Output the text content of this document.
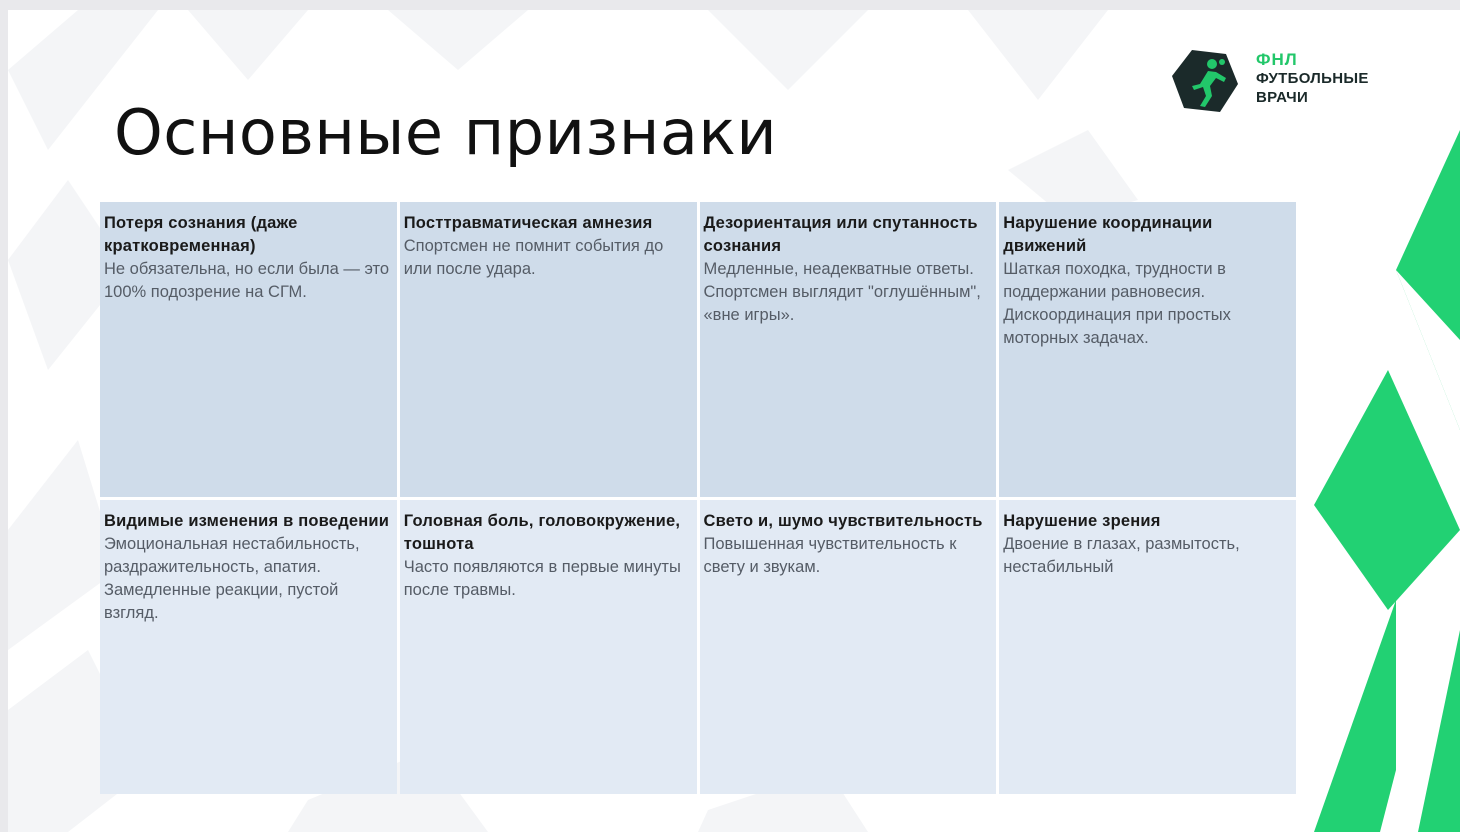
Основные признаки
ФНЛ
ФУТБОЛЬНЫЕ
ВРАЧИ
Потеря сознания (даже кратковременная)
Не обязательна, но если была — это 100% подозрение на СГМ.
Посттравматическая амнезия
Спортсмен не помнит события до или после удара.
Дезориентация или спутанность сознания
Медленные, неадекватные ответы.
Спортсмен выглядит "оглушённым", «вне игры».
Нарушение координации движений
Шаткая походка, трудности в поддержании равновесия. Дискоординация при простых моторных задачах.
Видимые изменения в поведении
Эмоциональная нестабильность, раздражительность, апатия. Замедленные реакции, пустой взгляд.
Головная боль, головокружение, тошнота
Часто появляются в первые минуты после травмы.
Свето и, шумо чувствительность
Повышенная чувствительность к свету и звукам.
Нарушение зрения
Двоение в глазах, размытость, нестабильный
